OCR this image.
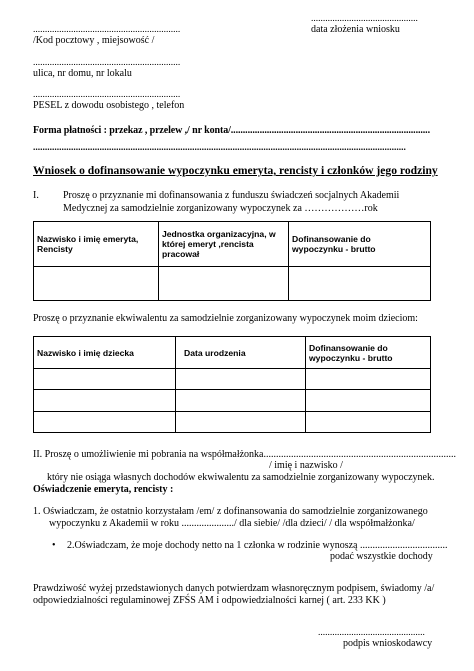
..............................................................
/Kod pocztowy , miejsowość /
..............................................................
ulica, nr domu, nr lokalu
..............................................................
PESEL z dowodu osobistego , telefon
.............................................
data złożenia wniosku
Forma płatności : przekaz , przelew ,/ nr konta/...................................................................................
.............................................................................................................................................................
Wniosek o dofinansowanie wypoczynku emeryta, rencisty i członków jego rodziny
I. Proszę o przyznanie mi dofinansowania z funduszu świadczeń socjalnych Akademii
Medycznej za samodzielnie zorganizowany wypoczynek za ………………rok
Nazwisko i imię emeryta,
Rencisty	Jednostka organizacyjna, w
której emeryt ,rencista
pracował	Dofinansowanie do
wypoczynku - brutto

Proszę o przyznanie ekwiwalentu za samodzielnie zorganizowany wypoczynek moim dzieciom:
Nazwisko i imię dziecka	Data urodzenia	Dofinansowanie do
wypoczynku - brutto

II. Proszę o umożliwienie mi pobrania na współmałżonka.............................................................................
/ imię i nazwisko /
który nie osiąga własnych dochodów ekwiwalentu za samodzielnie zorganizowany wypoczynek.
Oświadczenie emeryta, rencisty :
1. Oświadczam, że ostatnio korzystałam /em/ z dofinansowania do samodzielnie zorganizowanego
wypoczynku z Akademii w roku ...................../ dla siebie/ /dla dzieci/ / dla współmałżonka/
• 2.Oświadczam, że moje dochody netto na 1 członka w rodzinie wynoszą ...................................
podać wszystkie dochody
Prawdziwość wyżej przedstawionych danych potwierdzam własnoręcznym podpisem, świadomy /a/
odpowiedzialności regulaminowej ZFŚS AM i odpowiedzialności karnej ( art. 233 KK )
.............................................
podpis wnioskodawcy
